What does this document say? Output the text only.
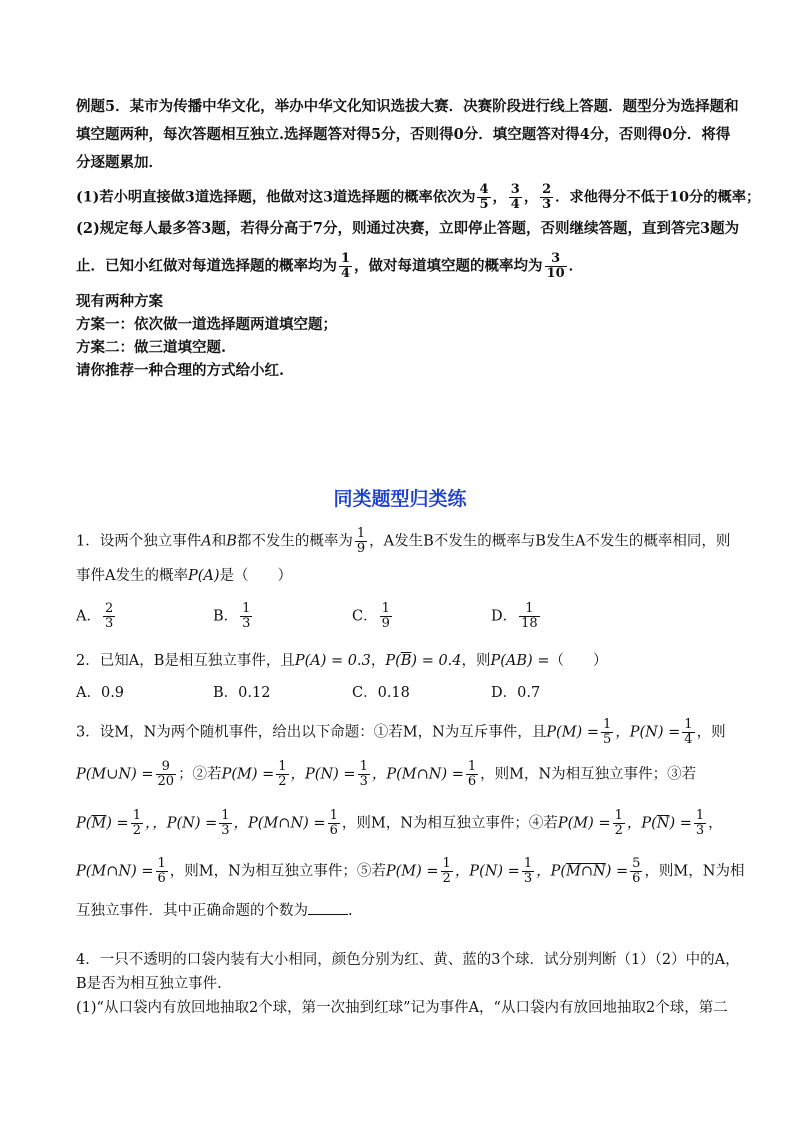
例题5．某市为传播中华文化，举办中华文化知识选拔大赛．决赛阶段进行线上答题．题型分为选择题和
填空题两种，每次答题相互独立.选择题答对得5分，否则得0分．填空题答对得4分，否则得0分．将得
分逐题累加．
(1)若小明直接做3道选择题，他做对这3道选择题的概率依次为 $\frac{4}{5}$ ， $\frac{3}{4}$ ， $\frac{2}{3}$ ．求他得分不低于10分的概率；
(2)规定每人最多答3题，若得分高于7分，则通过决赛，立即停止答题，否则继续答题，直到答完3题为
止．已知小红做对每道选择题的概率均为 $\frac{1}{4}$ ，做对每道填空题的概率均为 $\frac{3}{10}$ ．
现有两种方案
方案一：依次做一道选择题两道填空题；
方案二：做三道填空题.
请你推荐一种合理的方式给小红.
同类题型归类练
1．设两个独立事件A和B都不发生的概率为 $\frac{1}{9}$ ，A发生B不发生的概率与B发生A不发生的概率相同，则
事件A发生的概率P(A)是（　　）
A． $\frac{2}{3}$	B． $\frac{1}{3}$	C． $\frac{1}{9}$	D． $\frac{1}{18}$
2．已知A，B是相互独立事件，且P(A) = 0.3，$P(\overline{B}) = 0.4$，则P(AB) =（　　）
A．0.9	B．0.12	C．0.18	D．0.7
3．设M，N为两个随机事件，给出以下命题：①若M，N为互斥事件，且$P(M) = \frac{1}{5}$ ，$P(N) = \frac{1}{4}$ ，则
P(M∪N) = $\frac{9}{20}$ ；②若$P(M) = \frac{1}{2}$ ，$P(N) = \frac{1}{3}$ ，P(M∩N) = $\frac{1}{6}$ ，则M，N为相互独立事件；③若
$P(\overline{M}) = \frac{1}{2}$ ，，$P(N) = \frac{1}{3}$ ，P(M∩N) = $\frac{1}{6}$ ，则M，N为相互独立事件；④若$P(M) = \frac{1}{2}$ ，$P(\overline{N}) = \frac{1}{3}$ ，
P(M∩N) = $\frac{1}{6}$ ，则M，N为相互独立事件；⑤若$P(M) = \frac{1}{2}$ ，$P(N) = \frac{1}{3}$ ，P(M∩N) = $\frac{5}{6}$ ，则M，N为相
互独立事件．其中正确命题的个数为	.
4．一只不透明的口袋内装有大小相同，颜色分别为红、黄、蓝的3个球．试分别判断（1）（2）中的A，
B是否为相互独立事件.
(1)“从口袋内有放回地抽取2个球，第一次抽到红球”记为事件A，“从口袋内有放回地抽取2个球，第二
